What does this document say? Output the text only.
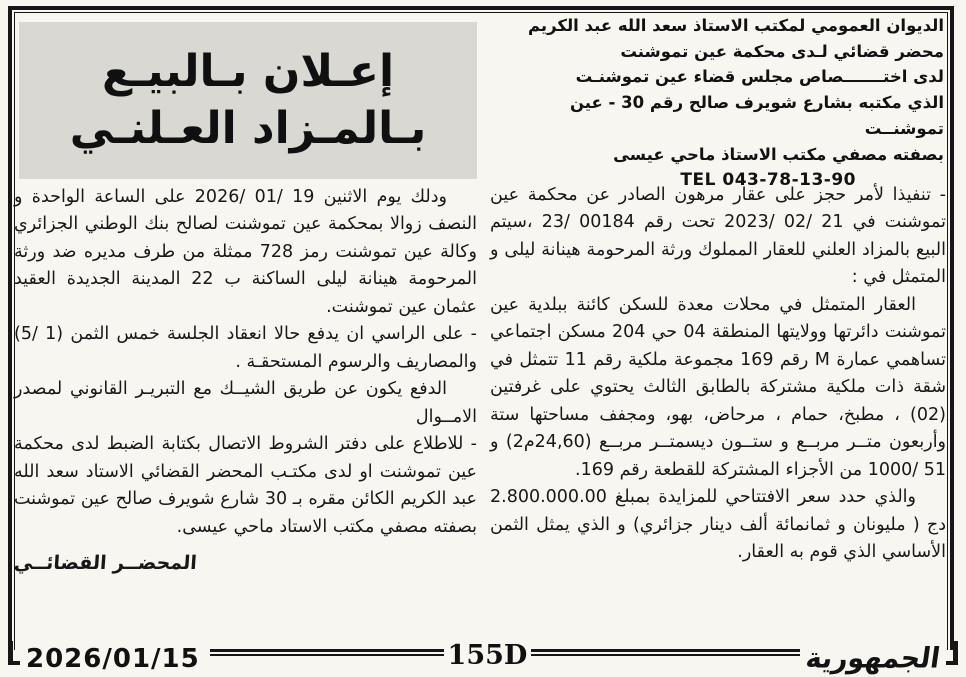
إعـلان بـالبيـع
بـالمـزاد العـلنـي
الديوان العمومي لمكتب الاستاذ سعد الله عبد الكريم
محضر قضائي لـدى محكمة عين تموشنت
لدى اختـــــــصاص مجلس قضاء عين تموشنـت
الذي مكتبه بشارع شويرف صالح رقم 30 - عين تموشنــت
بصفته مصفي مكتب الاستاذ ماحي عيسى
TEL 043-78-13-90

- تنفيذا لأمر حجز على عقار مرهون الصادر عن محكمة عين تموشنت في 21 /02 /2023 تحت رقم 00184 /23 ،سيتم البيع بالمزاد العلني للعقار المملوك ورثة المرحومة هينانة ليلى و المتمثل في :

العقار المتمثل في محلات معدة للسكن كائنة ببلدية عين تموشنت دائرتها وولايتها المنطقة 04 حي 204 مسكن اجتماعي تساهمي عمارة M رقم 169 مجموعة ملكية رقم 11 تتمثل في شقة ذات ملكية مشتركة بالطابق الثالث يحتوي على غرفتين (02) ، مطبخ، حمام ، مرحاض، بهو، ومجفف مساحتها ستة وأربعون متــر مربــع و ستــون ديسمتــر مربــع (24,60م2) و 51 /1000 من الأجزاء المشتركة للقطعة رقم 169.

والذي حدد سعر الافتتاحي للمزايدة بمبلغ 2.800.000.00 دج ( مليونان و ثمانمائة ألف دينار جزائري) و الذي يمثل الثمن الأساسي الذي قوم به العقار.

ودلك يوم الاثنين 19 /01 /2026 على الساعة الواحدة و النصف زوالا بمحكمة عين تموشنت لصالح بنك الوطني الجزائري وكالة عين تموشنت رمز 728 ممثلة من طرف مديره ضد ورثة المرحومة هينانة ليلى الساكنة ب 22 المدينة الجديدة العقيد عثمان عين تموشنت.

- على الراسي ان يدفع حالا انعقاد الجلسة خمس الثمن (1 /5) والمصاريف والرسوم المستحقـة .

الدفع يكون عن طريق الشيــك مع التبريـر القانوني لمصدر الامــوال

- للاطلاع على دفتر الشروط الاتصال بكتابة الضبط لدى محكمة عين تموشنت او لدى مكتـب المحضر القضائي الاستاد سعد الله عبد الكريم الكائن مقره بـ 30 شارع شويرف صالح عين تموشنت بصفته مصفي مكتب الاستاد ماحي عيسى.

المحضــر القضائــي
2026/01/15	155D	الجمهورية
